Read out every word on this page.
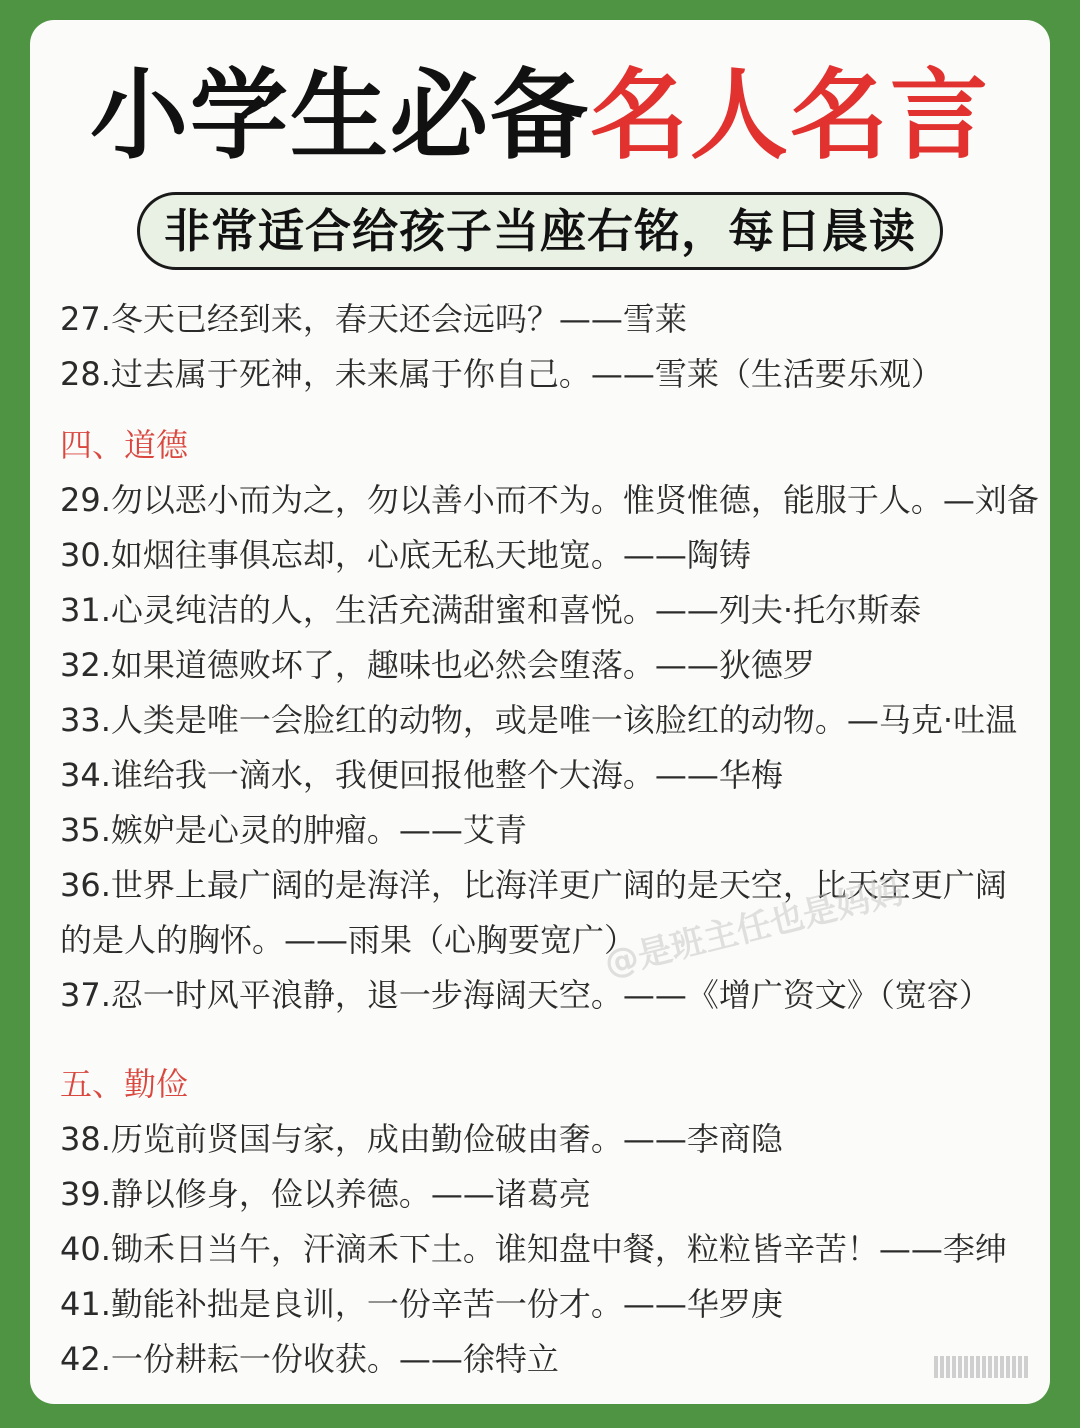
小学生必备名人名言
非常适合给孩子当座右铭，每日晨读
27.冬天已经到来，春天还会远吗？——雪莱
28.过去属于死神，未来属于你自己。——雪莱（生活要乐观）
四、道德
29.勿以恶小而为之，勿以善小而不为。惟贤惟德，能服于人。—刘备
30.如烟往事俱忘却，心底无私天地宽。——陶铸
31.心灵纯洁的人，生活充满甜蜜和喜悦。——列夫·托尔斯泰
32.如果道德败坏了，趣味也必然会堕落。——狄德罗
33.人类是唯一会脸红的动物，或是唯一该脸红的动物。—马克·吐温
34.谁给我一滴水，我便回报他整个大海。——华梅
35.嫉妒是心灵的肿瘤。——艾青
36.世界上最广阔的是海洋，比海洋更广阔的是天空，比天空更广阔的是人的胸怀。——雨果（心胸要宽广）
37.忍一时风平浪静，退一步海阔天空。——《增广资文》（宽容）
五、勤俭
38.历览前贤国与家，成由勤俭破由奢。——李商隐
39.静以修身，俭以养德。——诸葛亮
40.锄禾日当午，汗滴禾下土。谁知盘中餐，粒粒皆辛苦！——李绅
41.勤能补拙是良训，一份辛苦一份才。——华罗庚
42.一份耕耘一份收获。——徐特立
@是班主任也是妈妈
